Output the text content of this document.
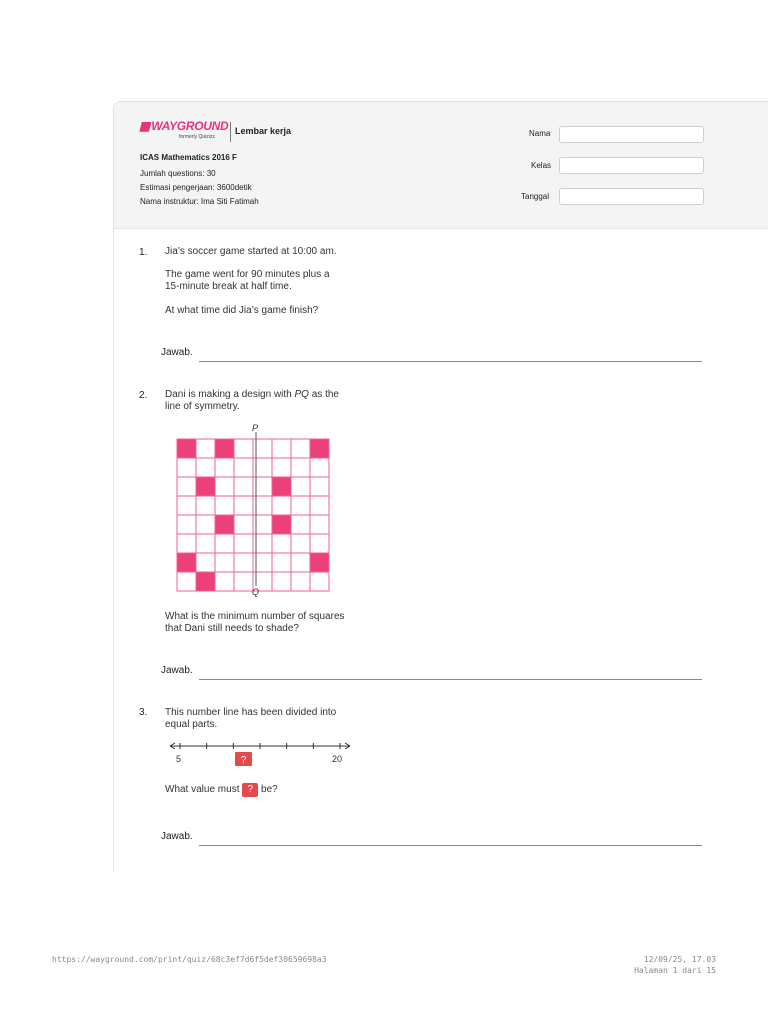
▮▮ WAYGROUND
formerly Quizizz
Lembar kerja
ICAS Mathematics 2016 F
Jumlah questions: 30
Estimasi pengerjaan: 3600detik
Nama instruktur: Ima Siti Fatimah
Nama
Kelas
Tanggal
1. Jia’s soccer game started at 10:00 am.
The game went for 90 minutes plus a
15-minute break at half time.
At what time did Jia’s game finish?
Jawab.
2. Dani is making a design with PQ as the
line of symmetry.
P
Q
What is the minimum number of squares
that Dani still needs to shade?
Jawab.
3. This number line has been divided into
equal parts.
5	20
?
What value must ? be?
Jawab.
https://wayground.com/print/quiz/68c3ef7d6f5def30659698a3	12/09/25, 17.03
Halaman 1 dari 15
